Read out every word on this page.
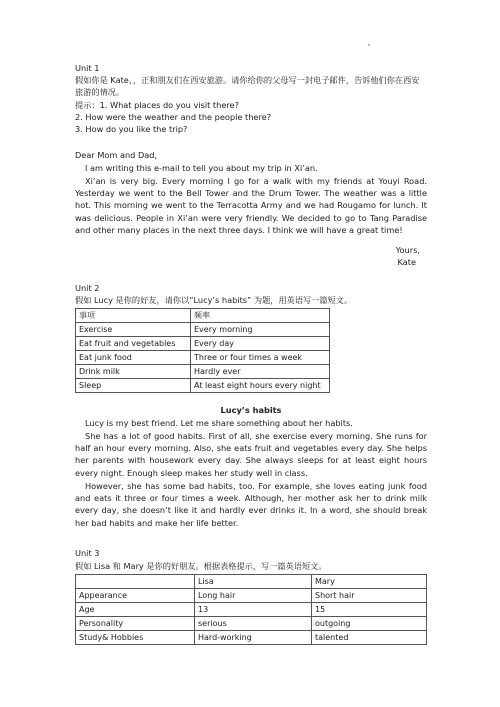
Unit 1

假如你是 Kate，，正和朋友们在西安旅游。请你给你的父母写一封电子邮件，告诉他们你在西安旅游的情况。

提示：1. What places do you visit there?

2. How were the weather and the people there?

3. How do you like the trip?

Dear Mom and Dad,

I am writing this e-mail to tell you about my trip in Xi’an.

Xi’an is very big. Every morning I go for a walk with my friends at Youyi Road. Yesterday we went to the Bell Tower and the Drum Tower. The weather was a little hot. This morning we went to the Terracotta Army and we had Rougamo for lunch. It was delicious. People in Xi’an were very friendly. We decided to go to Tang Paradise and other many places in the next three days. I think we will have a great time!

Yours,

Kate

Unit 2

假如 Lucy 是你的好友，请你以“Lucy’s habits” 为题，用英语写一篇短文。

事项	频率
Exercise	Every morning
Eat fruit and vegetables	Every day
Eat junk food	Three or four times a week
Drink milk	Hardly ever
Sleep	At least eight hours every night

Lucy’s habits

Lucy is my best friend. Let me share something about her habits.

She has a lot of good habits. First of all, she exercise every morning. She runs for half an hour every morning. Also, she eats fruit and vegetables every day. She helps her parents with housework every day. She always sleeps for at least eight hours every night. Enough sleep makes her study well in class.

However, she has some bad habits, too. For example, she loves eating junk food and eats it three or four times a week. Although, her mother ask her to drink milk every day, she doesn’t like it and hardly ever drinks it. In a word, she should break her bad habits and make her life better.

Unit 3

假如 Lisa 和 Mary 是你的好朋友。根据表格提示，写一篇英语短文。

	Lisa	Mary
Appearance	Long hair	Short hair
Age	13	15
Personality	serious	outgoing
Study& Hobbies	Hard-working	talented
